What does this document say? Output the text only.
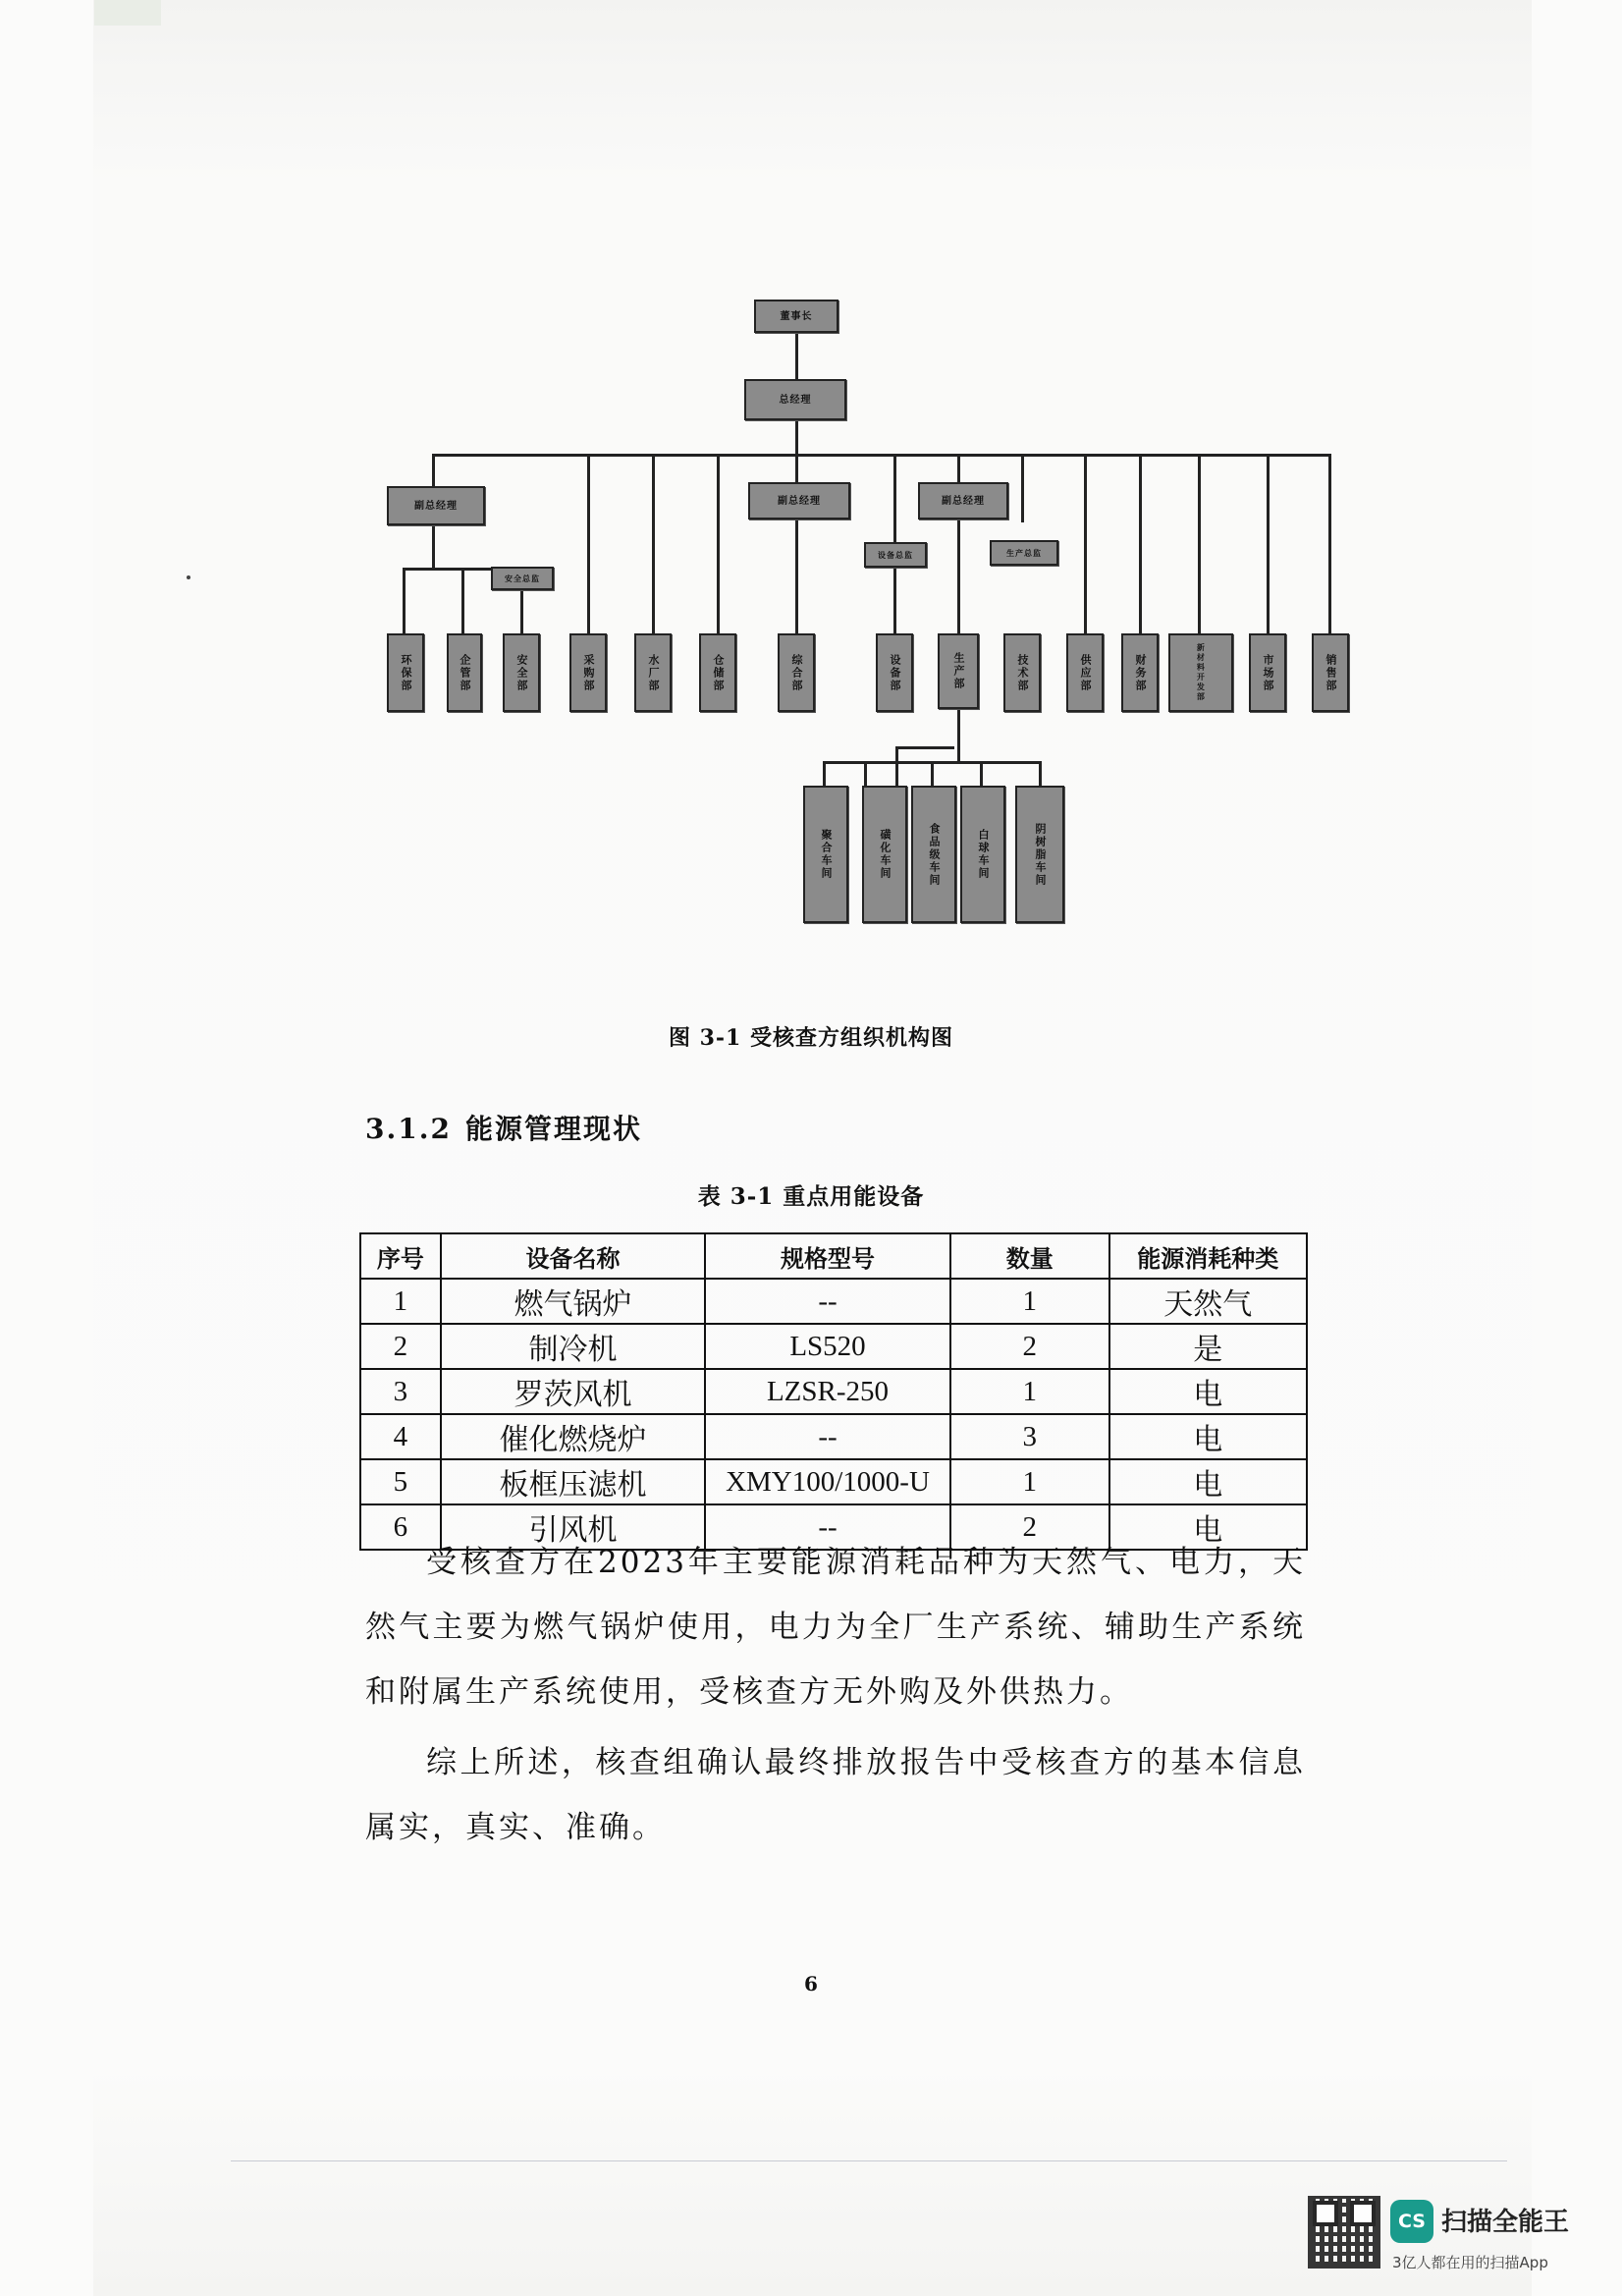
董事长
总经理
副总经理	副总经理	副总经理
安全总监
设备总监	生产总监
环保部	企管部	安全部	采购部	水厂部	仓储部	综合部	设备部	生产部	技术部	供应部	财务部	新材料开发部	市场部	销售部
聚合车间	磺化车间	食品级车间	白球车间	阴树脂车间
图 3-1 受核查方组织机构图
3.1.2 能源管理现状
表 3-1 重点用能设备
序号	设备名称	规格型号	数量	能源消耗种类
1	燃气锅炉	--	1	天然气
2	制冷机	LS520	2	是
3	罗茨风机	LZSR-250	1	电
4	催化燃烧炉	--	3	电
5	板框压滤机	XMY100/1000-U	1	电
6	引风机	--	2	电
受核查方在2023年主要能源消耗品种为天然气、电力，天然气主要为燃气锅炉使用，电力为全厂生产系统、辅助生产系统和附属生产系统使用，受核查方无外购及外供热力。
综上所述，核查组确认最终排放报告中受核查方的基本信息属实，真实、准确。
6
CS 扫描全能王
3亿人都在用的扫描App
